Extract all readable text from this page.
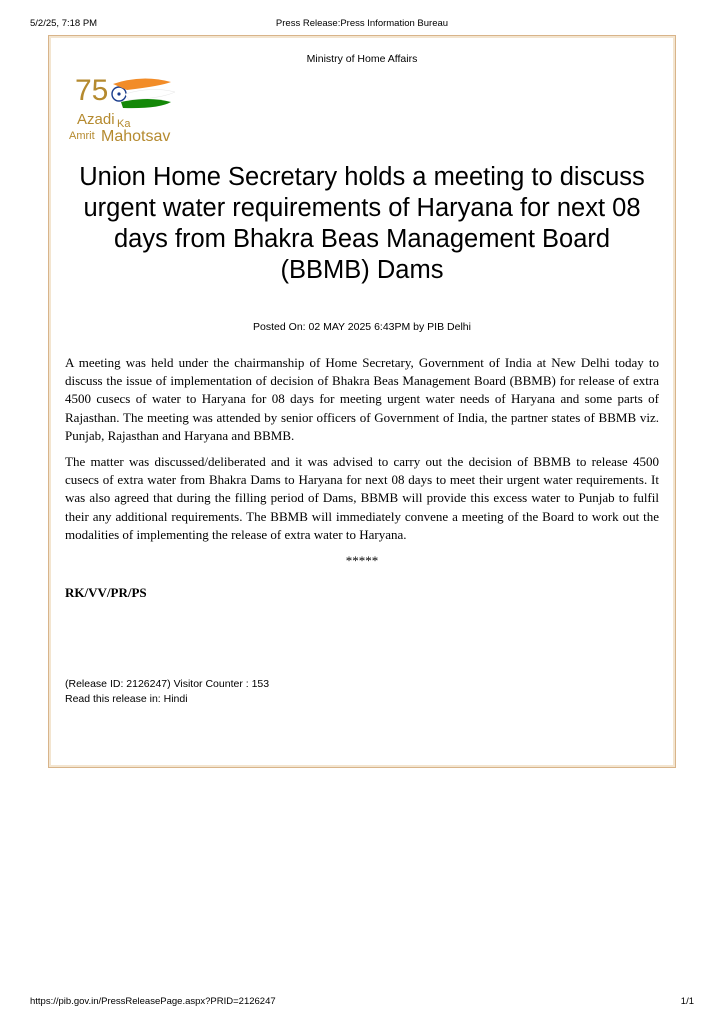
5/2/25, 7:18 PM	Press Release:Press Information Bureau
Ministry of Home Affairs
75
Azadi Ka
Amrit Mahotsav
Union Home Secretary holds a meeting to discuss urgent water requirements of Haryana for next 08 days from Bhakra Beas Management Board (BBMB) Dams
Posted On: 02 MAY 2025 6:43PM by PIB Delhi

A meeting was held under the chairmanship of Home Secretary, Government of India at New Delhi today to discuss the issue of implementation of decision of Bhakra Beas Management Board (BBMB) for release of extra 4500 cusecs of water to Haryana for 08 days for meeting urgent water needs of Haryana and some parts of Rajasthan. The meeting was attended by senior officers of Government of India, the partner states of BBMB viz. Punjab, Rajasthan and Haryana and BBMB.

The matter was discussed/deliberated and it was advised to carry out the decision of BBMB to release 4500 cusecs of extra water from Bhakra Dams to Haryana for next 08 days to meet their urgent water requirements. It was also agreed that during the filling period of Dams, BBMB will provide this excess water to Punjab to fulfil their any additional requirements. The BBMB will immediately convene a meeting of the Board to work out the modalities of implementing the release of extra water to Haryana.

*****
RK/VV/PR/PS
(Release ID: 2126247) Visitor Counter : 153
Read this release in: Hindi
https://pib.gov.in/PressReleasePage.aspx?PRID=2126247	1/1
